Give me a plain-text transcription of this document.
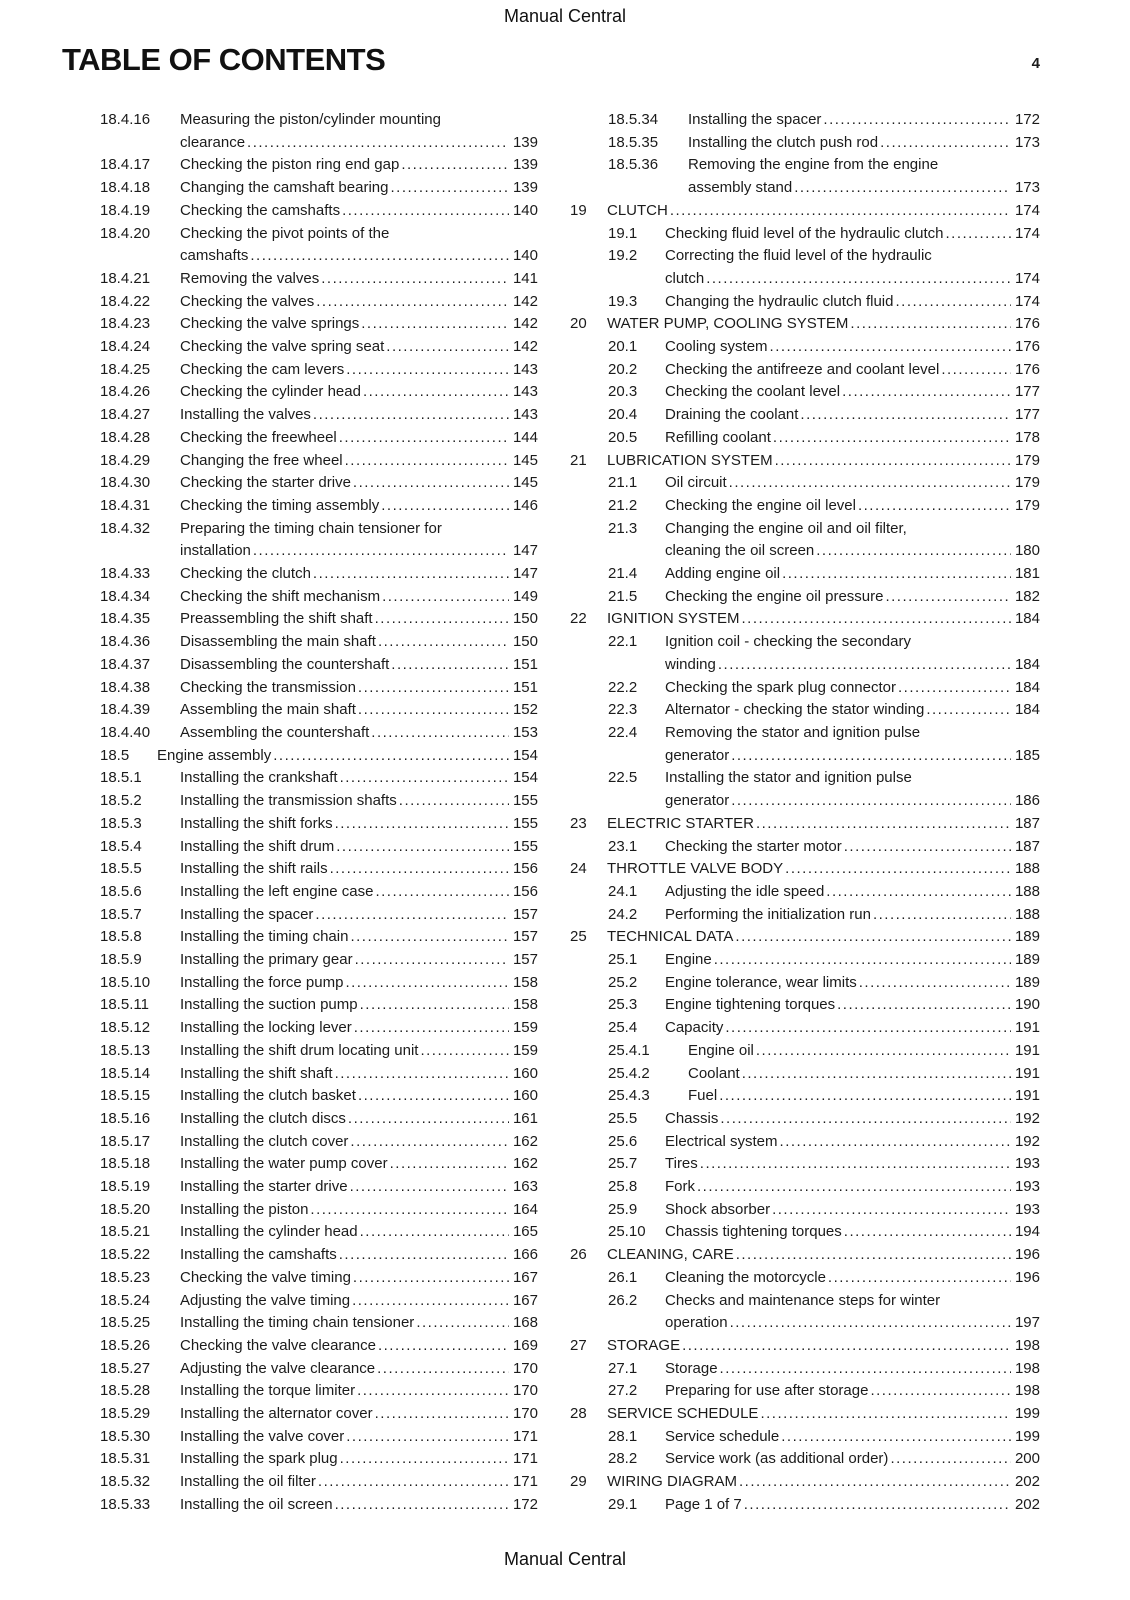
Manual Central
TABLE OF CONTENTS	4
18.4.16	Measuring the piston/cylinder mounting
clearance .....	139
18.4.17	Checking the piston ring end gap .....	139
18.4.18	Changing the camshaft bearing .....	139
18.4.19	Checking the camshafts .....	140
18.4.20	Checking the pivot points of the
camshafts .....	140
18.4.21	Removing the valves .....	141
18.4.22	Checking the valves .....	142
18.4.23	Checking the valve springs .....	142
18.4.24	Checking the valve spring seat .....	142
18.4.25	Checking the cam levers .....	143
18.4.26	Checking the cylinder head .....	143
18.4.27	Installing the valves .....	143
18.4.28	Checking the freewheel .....	144
18.4.29	Changing the free wheel .....	145
18.4.30	Checking the starter drive .....	145
18.4.31	Checking the timing assembly .....	146
18.4.32	Preparing the timing chain tensioner for
installation .....	147
18.4.33	Checking the clutch .....	147
18.4.34	Checking the shift mechanism .....	149
18.4.35	Preassembling the shift shaft .....	150
18.4.36	Disassembling the main shaft .....	150
18.4.37	Disassembling the countershaft .....	151
18.4.38	Checking the transmission .....	151
18.4.39	Assembling the main shaft .....	152
18.4.40	Assembling the countershaft .....	153
18.5	Engine assembly .....	154
18.5.1	Installing the crankshaft .....	154
18.5.2	Installing the transmission shafts .....	155
18.5.3	Installing the shift forks .....	155
18.5.4	Installing the shift drum .....	155
18.5.5	Installing the shift rails .....	156
18.5.6	Installing the left engine case .....	156
18.5.7	Installing the spacer .....	157
18.5.8	Installing the timing chain .....	157
18.5.9	Installing the primary gear .....	157
18.5.10	Installing the force pump .....	158
18.5.11	Installing the suction pump .....	158
18.5.12	Installing the locking lever .....	159
18.5.13	Installing the shift drum locating unit .....	159
18.5.14	Installing the shift shaft .....	160
18.5.15	Installing the clutch basket .....	160
18.5.16	Installing the clutch discs .....	161
18.5.17	Installing the clutch cover .....	162
18.5.18	Installing the water pump cover .....	162
18.5.19	Installing the starter drive .....	163
18.5.20	Installing the piston .....	164
18.5.21	Installing the cylinder head .....	165
18.5.22	Installing the camshafts .....	166
18.5.23	Checking the valve timing .....	167
18.5.24	Adjusting the valve timing .....	167
18.5.25	Installing the timing chain tensioner .....	168
18.5.26	Checking the valve clearance .....	169
18.5.27	Adjusting the valve clearance .....	170
18.5.28	Installing the torque limiter .....	170
18.5.29	Installing the alternator cover .....	170
18.5.30	Installing the valve cover .....	171
18.5.31	Installing the spark plug .....	171
18.5.32	Installing the oil filter .....	171
18.5.33	Installing the oil screen .....	172
18.5.34	Installing the spacer .....	172
18.5.35	Installing the clutch push rod .....	173
18.5.36	Removing the engine from the engine
assembly stand .....	173
19	CLUTCH .....	174
19.1	Checking fluid level of the hydraulic clutch .....	174
19.2	Correcting the fluid level of the hydraulic
clutch .....	174
19.3	Changing the hydraulic clutch fluid .....	174
20	WATER PUMP, COOLING SYSTEM .....	176
20.1	Cooling system .....	176
20.2	Checking the antifreeze and coolant level .....	176
20.3	Checking the coolant level .....	177
20.4	Draining the coolant .....	177
20.5	Refilling coolant .....	178
21	LUBRICATION SYSTEM .....	179
21.1	Oil circuit .....	179
21.2	Checking the engine oil level .....	179
21.3	Changing the engine oil and oil filter,
cleaning the oil screen .....	180
21.4	Adding engine oil .....	181
21.5	Checking the engine oil pressure .....	182
22	IGNITION SYSTEM .....	184
22.1	Ignition coil - checking the secondary
winding .....	184
22.2	Checking the spark plug connector .....	184
22.3	Alternator - checking the stator winding .....	184
22.4	Removing the stator and ignition pulse
generator .....	185
22.5	Installing the stator and ignition pulse
generator .....	186
23	ELECTRIC STARTER .....	187
23.1	Checking the starter motor .....	187
24	THROTTLE VALVE BODY .....	188
24.1	Adjusting the idle speed .....	188
24.2	Performing the initialization run .....	188
25	TECHNICAL DATA .....	189
25.1	Engine .....	189
25.2	Engine tolerance, wear limits .....	189
25.3	Engine tightening torques .....	190
25.4	Capacity .....	191
25.4.1	Engine oil .....	191
25.4.2	Coolant .....	191
25.4.3	Fuel .....	191
25.5	Chassis .....	192
25.6	Electrical system .....	192
25.7	Tires .....	193
25.8	Fork .....	193
25.9	Shock absorber .....	193
25.10	Chassis tightening torques .....	194
26	CLEANING, CARE .....	196
26.1	Cleaning the motorcycle .....	196
26.2	Checks and maintenance steps for winter
operation .....	197
27	STORAGE .....	198
27.1	Storage .....	198
27.2	Preparing for use after storage .....	198
28	SERVICE SCHEDULE .....	199
28.1	Service schedule .....	199
28.2	Service work (as additional order) .....	200
29	WIRING DIAGRAM .....	202
29.1	Page 1 of 7 .....	202
Manual Central
